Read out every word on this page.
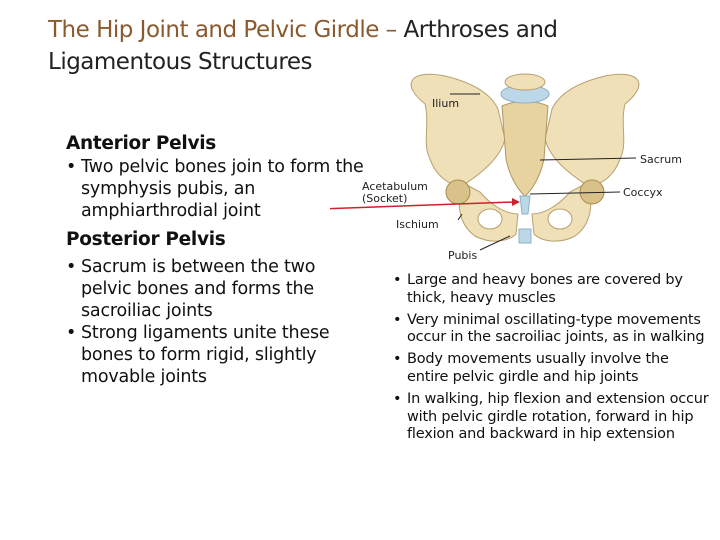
The Hip Joint and Pelvic Girdle – Arthroses and Ligamentous Structures
Anterior Pelvis
• Two pelvic bones join to form the symphysis pubis, an amphiarthrodial joint
Posterior Pelvis
• Sacrum is between the two pelvic bones and forms the sacroiliac joints
• Strong ligaments unite these bones to form rigid, slightly movable joints
Ilium
Sacrum
Acetabulum
(Socket)	Coccyx
Ischium
Pubis
• Large and heavy bones are covered by thick, heavy muscles
• Very minimal oscillating-type movements occur in the sacroiliac joints, as in walking
• Body movements usually involve the entire pelvic girdle and hip joints
• In walking, hip flexion and extension occur with pelvic girdle rotation, forward in hip flexion and backward in hip extension
